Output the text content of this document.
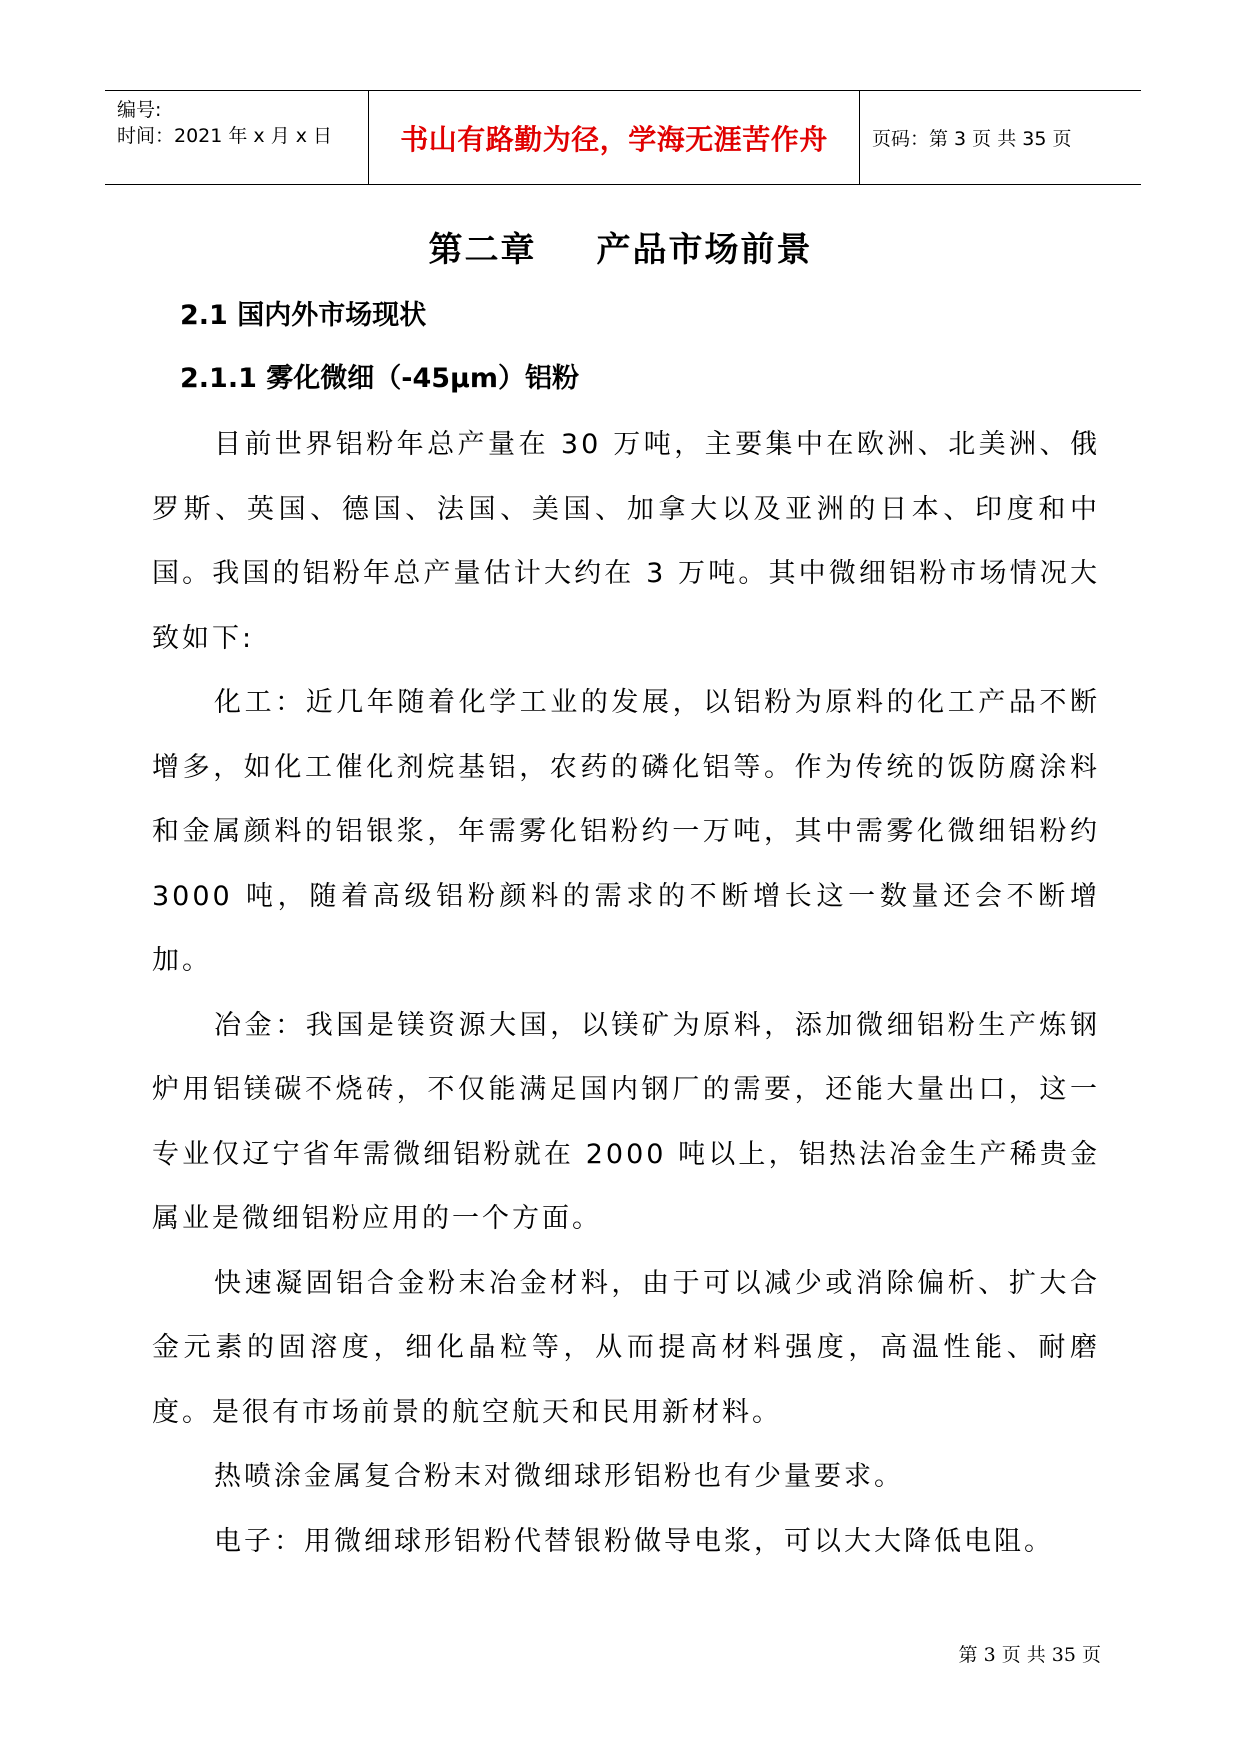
编号:
时间：2021 年 x 月 x 日	书山有路勤为径，学海无涯苦作舟	页码：第 3 页 共 35 页
第二章 产品市场前景
2.1 国内外市场现状
2.1.1 雾化微细（-45μm）铝粉

目前世界铝粉年总产量在 30 万吨，主要集中在欧洲、北美洲、俄罗斯、英国、德国、法国、美国、加拿大以及亚洲的日本、印度和中国。我国的铝粉年总产量估计大约在 3 万吨。其中微细铝粉市场情况大致如下:

化工：近几年随着化学工业的发展，以铝粉为原料的化工产品不断增多，如化工催化剂烷基铝，农药的磷化铝等。作为传统的饭防腐涂料和金属颜料的铝银浆，年需雾化铝粉约一万吨，其中需雾化微细铝粉约 3000 吨，随着高级铝粉颜料的需求的不断增长这一数量还会不断增加。

冶金：我国是镁资源大国，以镁矿为原料，添加微细铝粉生产炼钢炉用铝镁碳不烧砖，不仅能满足国内钢厂的需要，还能大量出口，这一专业仅辽宁省年需微细铝粉就在 2000 吨以上，铝热法冶金生产稀贵金属业是微细铝粉应用的一个方面。

快速凝固铝合金粉末冶金材料，由于可以减少或消除偏析、扩大合金元素的固溶度，细化晶粒等，从而提高材料强度，高温性能、耐磨度。是很有市场前景的航空航天和民用新材料。

热喷涂金属复合粉末对微细球形铝粉也有少量要求。

电子：用微细球形铝粉代替银粉做导电浆，可以大大降低电阻。

第 3 页 共 35 页
